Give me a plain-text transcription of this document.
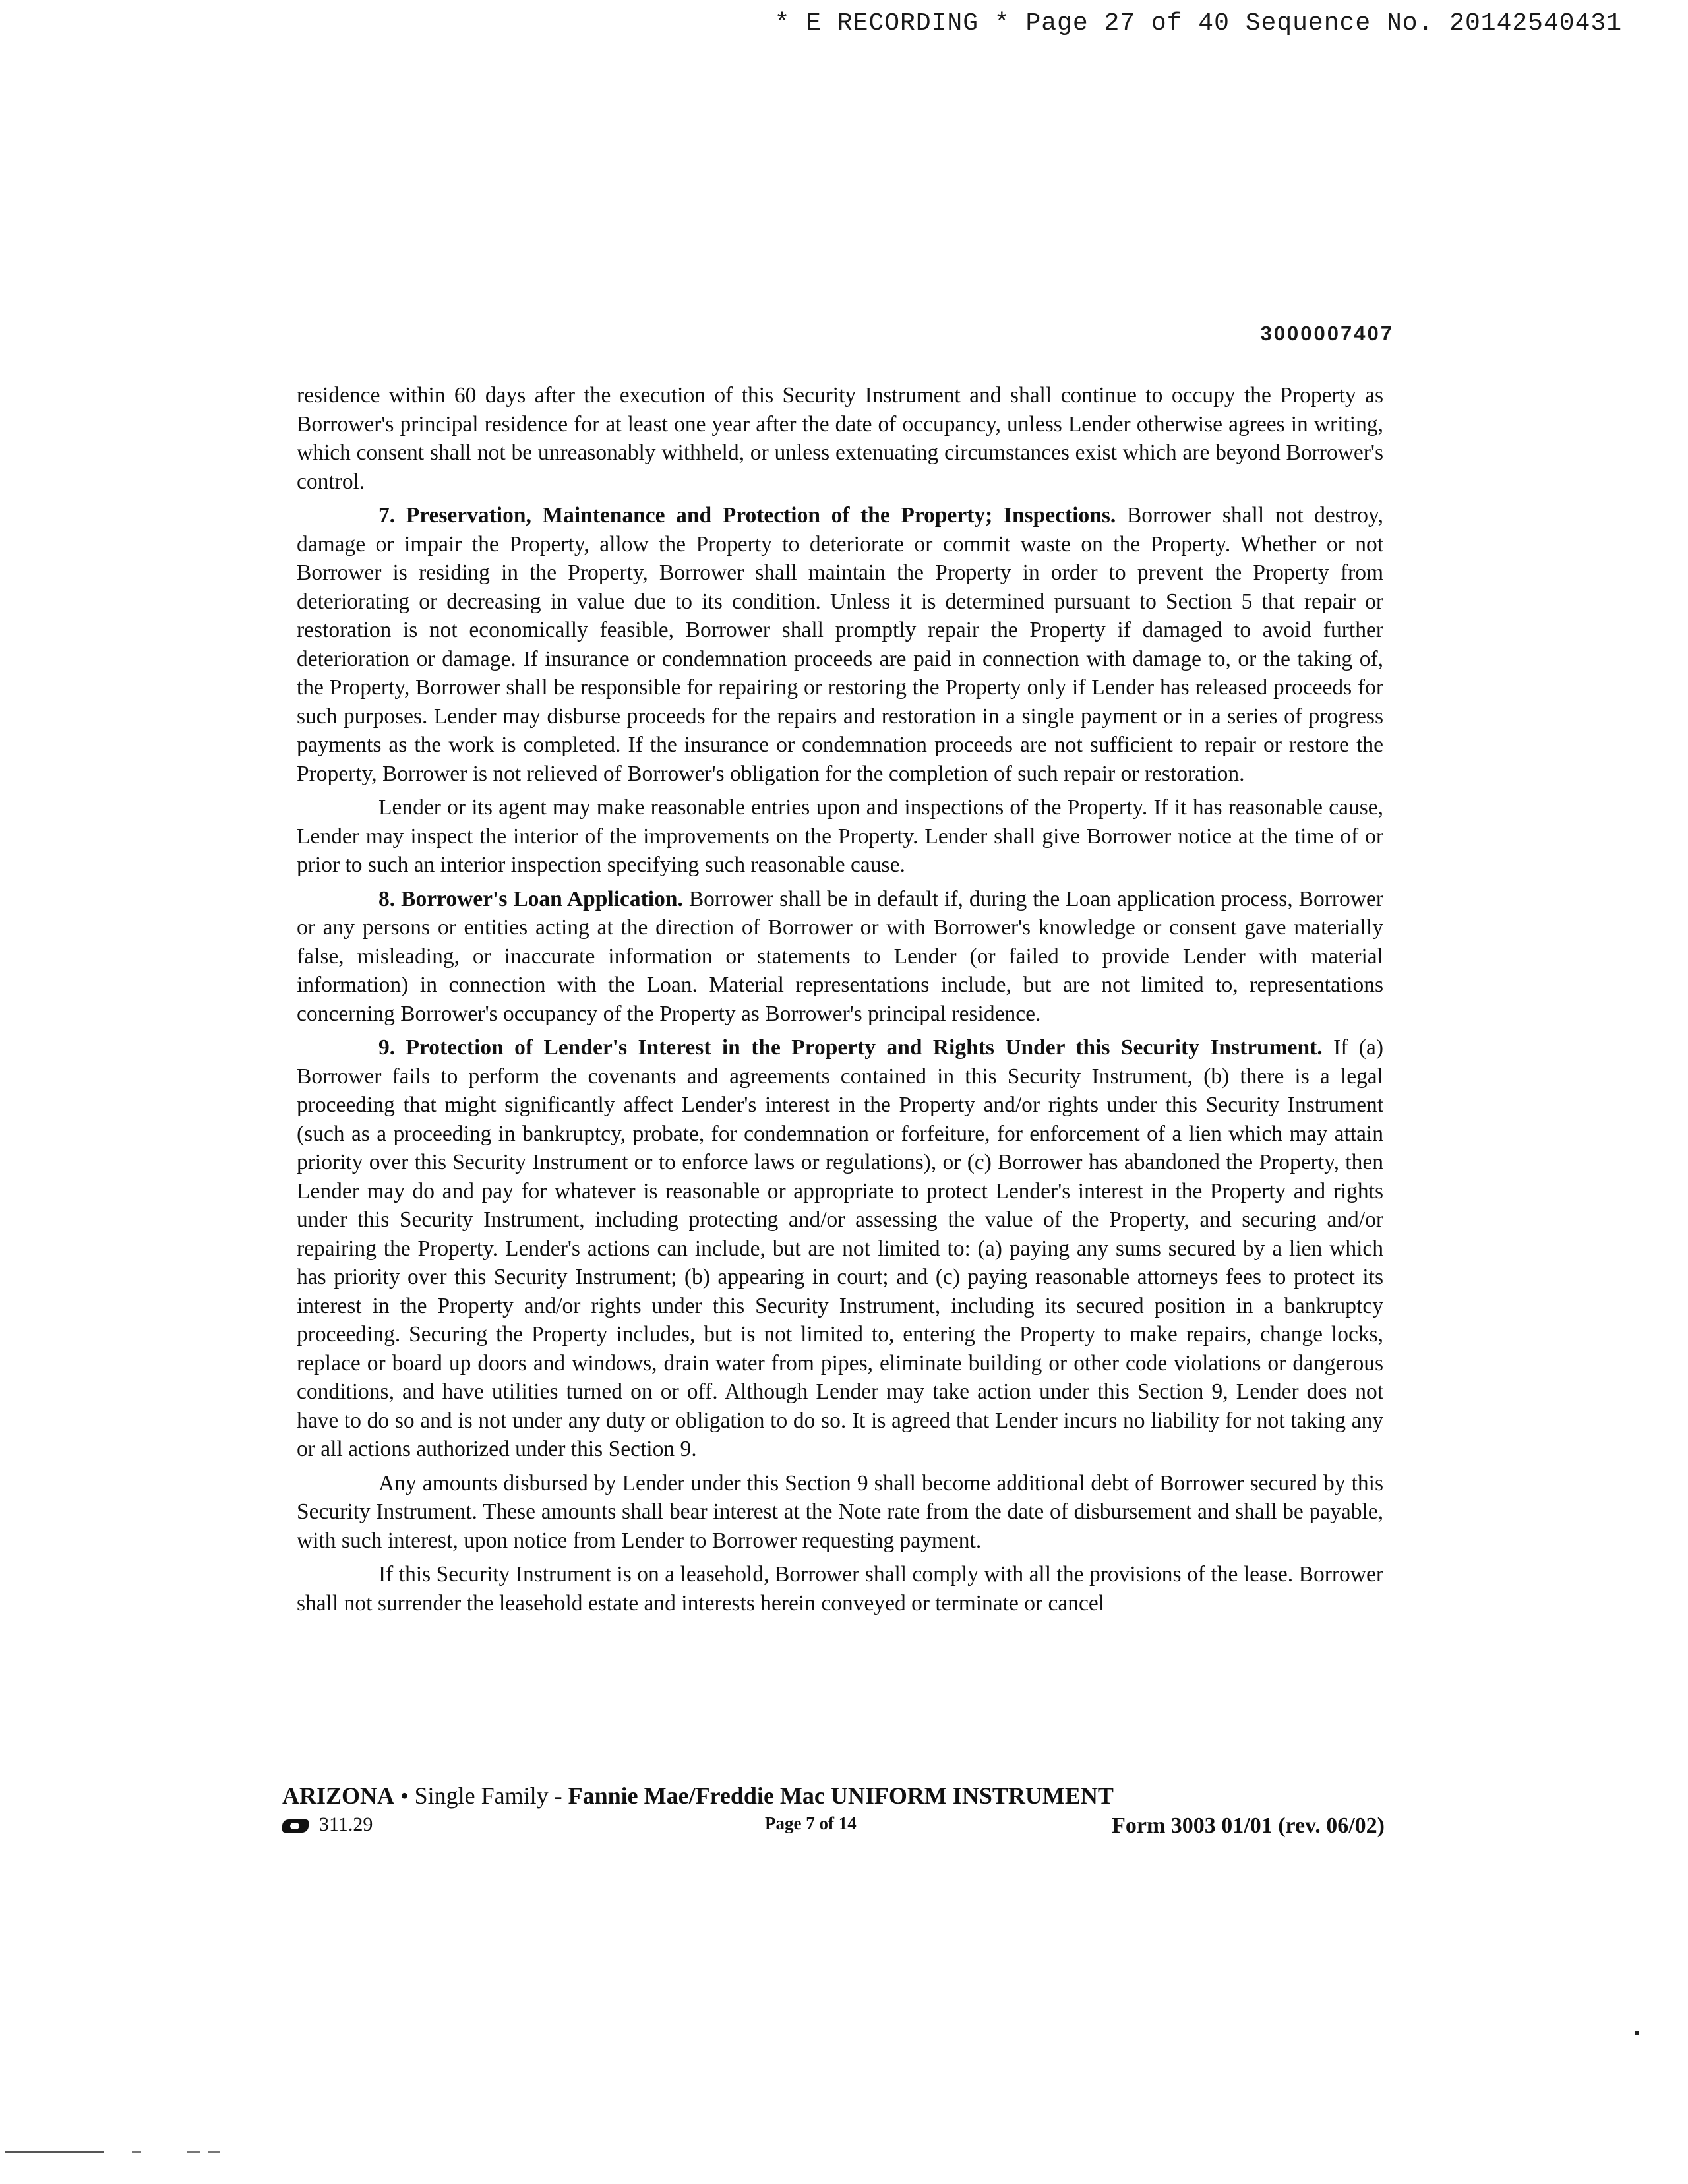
* E RECORDING * Page 27 of 40 Sequence No. 20142540431
3000007407

residence within 60 days after the execution of this Security Instrument and shall continue to occupy the Property as Borrower's principal residence for at least one year after the date of occupancy, unless Lender otherwise agrees in writing, which consent shall not be unreasonably withheld, or unless extenuating circumstances exist which are beyond Borrower's control.

7. Preservation, Maintenance and Protection of the Property; Inspections. Borrower shall not destroy, damage or impair the Property, allow the Property to deteriorate or commit waste on the Property. Whether or not Borrower is residing in the Property, Borrower shall maintain the Property in order to prevent the Property from deteriorating or decreasing in value due to its condition. Unless it is determined pursuant to Section 5 that repair or restoration is not economically feasible, Borrower shall promptly repair the Property if damaged to avoid further deterioration or damage. If insurance or condemnation proceeds are paid in connection with damage to, or the taking of, the Property, Borrower shall be responsible for repairing or restoring the Property only if Lender has released proceeds for such purposes. Lender may disburse proceeds for the repairs and restoration in a single payment or in a series of progress payments as the work is completed. If the insurance or condemnation proceeds are not sufficient to repair or restore the Property, Borrower is not relieved of Borrower's obligation for the completion of such repair or restoration.

Lender or its agent may make reasonable entries upon and inspections of the Property. If it has reasonable cause, Lender may inspect the interior of the improvements on the Property. Lender shall give Borrower notice at the time of or prior to such an interior inspection specifying such reasonable cause.

8. Borrower's Loan Application. Borrower shall be in default if, during the Loan application process, Borrower or any persons or entities acting at the direction of Borrower or with Borrower's knowledge or consent gave materially false, misleading, or inaccurate information or statements to Lender (or failed to provide Lender with material information) in connection with the Loan. Material representations include, but are not limited to, representations concerning Borrower's occupancy of the Property as Borrower's principal residence.

9. Protection of Lender's Interest in the Property and Rights Under this Security Instrument. If (a) Borrower fails to perform the covenants and agreements contained in this Security Instrument, (b) there is a legal proceeding that might significantly affect Lender's interest in the Property and/or rights under this Security Instrument (such as a proceeding in bankruptcy, probate, for condemnation or forfeiture, for enforcement of a lien which may attain priority over this Security Instrument or to enforce laws or regulations), or (c) Borrower has abandoned the Property, then Lender may do and pay for whatever is reasonable or appropriate to protect Lender's interest in the Property and rights under this Security Instrument, including protecting and/or assessing the value of the Property, and securing and/or repairing the Property. Lender's actions can include, but are not limited to: (a) paying any sums secured by a lien which has priority over this Security Instrument; (b) appearing in court; and (c) paying reasonable attorneys fees to protect its interest in the Property and/or rights under this Security Instrument, including its secured position in a bankruptcy proceeding. Securing the Property includes, but is not limited to, entering the Property to make repairs, change locks, replace or board up doors and windows, drain water from pipes, eliminate building or other code violations or dangerous conditions, and have utilities turned on or off. Although Lender may take action under this Section 9, Lender does not have to do so and is not under any duty or obligation to do so. It is agreed that Lender incurs no liability for not taking any or all actions authorized under this Section 9.

Any amounts disbursed by Lender under this Section 9 shall become additional debt of Borrower secured by this Security Instrument. These amounts shall bear interest at the Note rate from the date of disbursement and shall be payable, with such interest, upon notice from Lender to Borrower requesting payment.

If this Security Instrument is on a leasehold, Borrower shall comply with all the provisions of the lease. Borrower shall not surrender the leasehold estate and interests herein conveyed or terminate or cancel

ARIZONA • Single Family - Fannie Mae/Freddie Mac UNIFORM INSTRUMENT
311.29	Page 7 of 14	Form 3003 01/01 (rev. 06/02)
